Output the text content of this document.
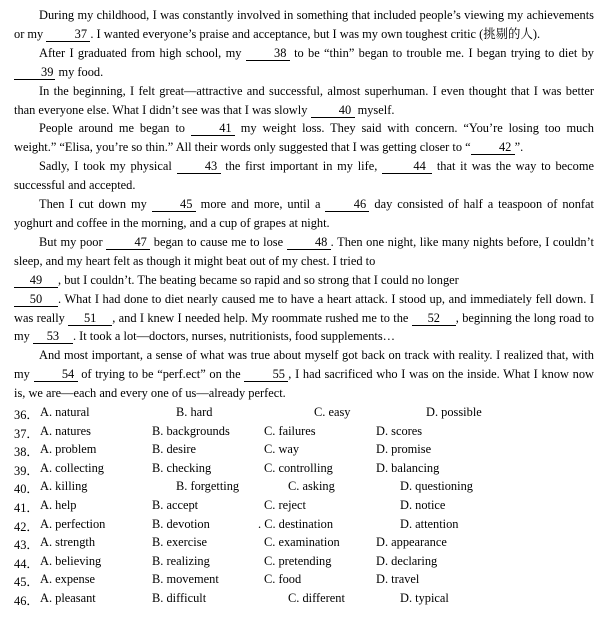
During my childhood, I was constantly involved in something that included people’s viewing my achievements or my 37 . I wanted everyone’s praise and acceptance, but I was my own toughest critic (挑剔的人).

After I graduated from high school, my 38 to be “thin” began to trouble me. I began trying to diet by 39 my food.

In the beginning, I felt great—attractive and successful, almost superhuman. I even thought that I was better than everyone else. What I didn’t see was that I was slowly 40 myself.

People around me began to 41 my weight loss. They said with concern. “You’re losing too much weight.” “Elisa, you’re so thin.” All their words only suggested that I was getting closer to “ 42 ”.

Sadly, I took my physical 43 the first important in my life,	44 that it was the way to become successful and accepted.

Then I cut down my 45 more and more, until a 46 day consisted of half a teaspoon of nonfat yoghurt and coffee in the morning, and a cup of grapes at night.

But my poor 47 began to cause me to lose 48 . Then one night, like many nights before, I couldn’t sleep, and my heart felt as though it might beat out of my chest. I tried to

49 , but I couldn’t. The beating became so rapid and so strong that I could no longer

50 . What I had done to diet nearly caused me to have a heart attack. I stood up, and immediately fell down. I was really 51 , and I knew I needed help. My roommate rushed me to the 52 , beginning the long road to my 53 . It took a lot—doctors, nurses, nutritionists, food supplements…

And most important, a sense of what was true about myself got back on track with reality. I realized that, with my 54 of trying to be “perf.ect” on the 55 , I had sacrificed who I was on the inside. What I know now is, we are—each and every one of us—already perfect.

36． A. natural	B. hard	C. easy	D. possible
37． A. natures	B. backgrounds	C. failures	D. scores
38． A. problem	B. desire	C. way	D. promise
39． A. collecting	B. checking	C. controlling	D. balancing
40． A. killing	B. forgetting	C. asking	D. questioning
41． A. help	B. accept	C. reject	D. notice
42． A. perfection	B. devotion	. C. destination	D. attention
43． A. strength	B. exercise	C. examination	D. appearance
44． A. believing	B. realizing	C. pretending	D. declaring
45． A. expense	B. movement	C. food	D. travel
46． A. pleasant	B. difficult	C. different	D. typical
